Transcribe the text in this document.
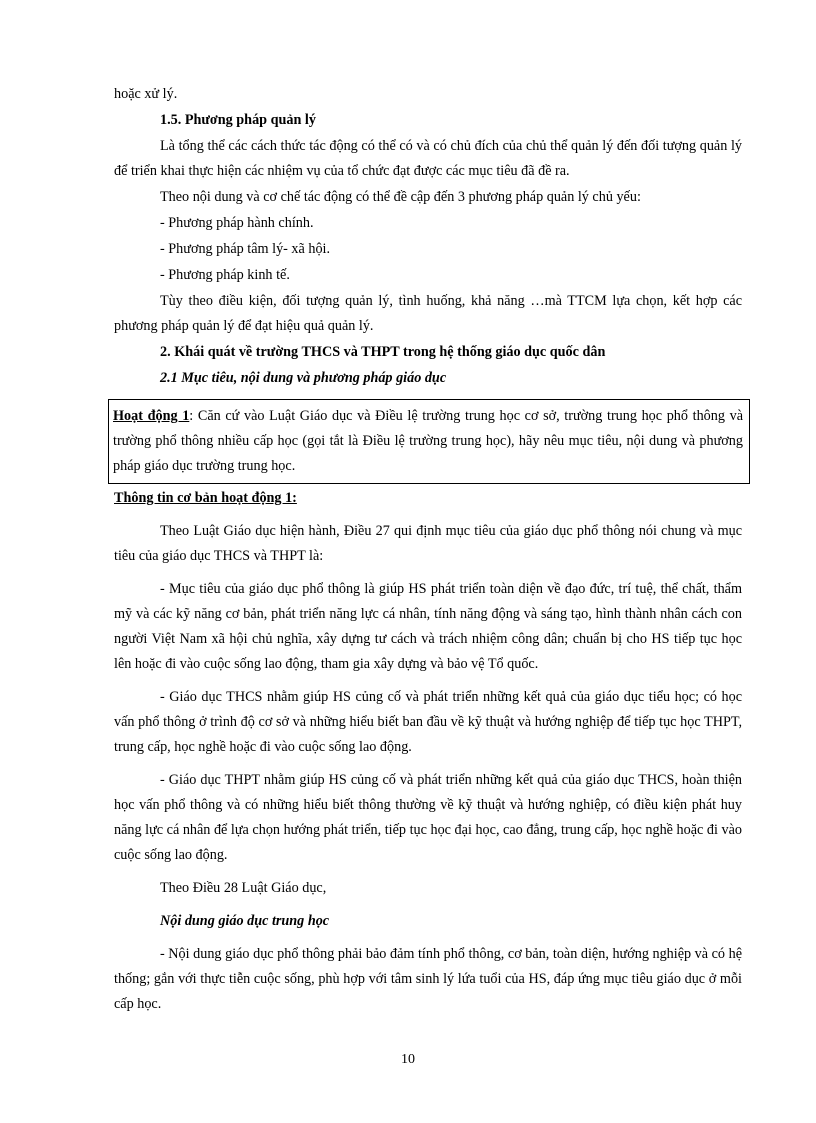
hoặc xử lý.

1.5. Phương pháp quản lý

Là tổng thể các cách thức tác động có thể có và có chủ đích của chủ thể quản lý đến đối tượng quản lý để triển khai thực hiện các nhiệm vụ của tổ chức đạt được các mục tiêu đã đề ra.

Theo nội dung và cơ chế tác động có thể đề cập đến 3 phương pháp quản lý chủ yếu:

- Phương pháp hành chính.

- Phương pháp tâm lý- xã hội.

- Phương pháp kinh tế.

Tùy theo điều kiện, đối tượng quản lý, tình huống, khả năng …mà TTCM lựa chọn, kết hợp các phương pháp quản lý để đạt hiệu quả quản lý.

2. Khái quát về trường THCS và THPT trong hệ thống giáo dục quốc dân

2.1 Mục tiêu, nội dung và phương pháp giáo dục

Hoạt động 1: Căn cứ vào Luật Giáo dục và Điều lệ trường trung học cơ sở, trường trung học phổ thông và trường phổ thông nhiều cấp học (gọi tắt là Điều lệ trường trung học), hãy nêu mục tiêu, nội dung và phương pháp giáo dục trường trung học.

Thông tin cơ bản hoạt động 1:

Theo Luật Giáo dục hiện hành, Điều 27 qui định mục tiêu của giáo dục phổ thông nói chung và mục tiêu của giáo dục THCS và THPT là:

- Mục tiêu của giáo dục phổ thông là giúp HS phát triển toàn diện về đạo đức, trí tuệ, thể chất, thẩm mỹ và các kỹ năng cơ bản, phát triển năng lực cá nhân, tính năng động và sáng tạo, hình thành nhân cách con người Việt Nam xã hội chủ nghĩa, xây dựng tư cách và trách nhiệm công dân; chuẩn bị cho HS tiếp tục học lên hoặc đi vào cuộc sống lao động, tham gia xây dựng và bảo vệ Tổ quốc.

- Giáo dục THCS nhằm giúp HS củng cố và phát triển những kết quả của giáo dục tiểu học; có học vấn phổ thông ở trình độ cơ sở và những hiểu biết ban đầu về kỹ thuật và hướng nghiệp để tiếp tục học THPT, trung cấp, học nghề hoặc đi vào cuộc sống lao động.

- Giáo dục THPT nhằm giúp HS củng cố và phát triển những kết quả của giáo dục THCS, hoàn thiện học vấn phổ thông và có những hiểu biết thông thường về kỹ thuật và hướng nghiệp, có điều kiện phát huy năng lực cá nhân để lựa chọn hướng phát triển, tiếp tục học đại học, cao đẳng, trung cấp, học nghề hoặc đi vào cuộc sống lao động.

Theo Điều 28 Luật Giáo dục,

Nội dung giáo dục trung học

- Nội dung giáo dục phổ thông phải bảo đảm tính phổ thông, cơ bản, toàn diện, hướng nghiệp và có hệ thống; gắn với thực tiễn cuộc sống, phù hợp với tâm sinh lý lứa tuổi của HS, đáp ứng mục tiêu giáo dục ở mỗi cấp học.

10
